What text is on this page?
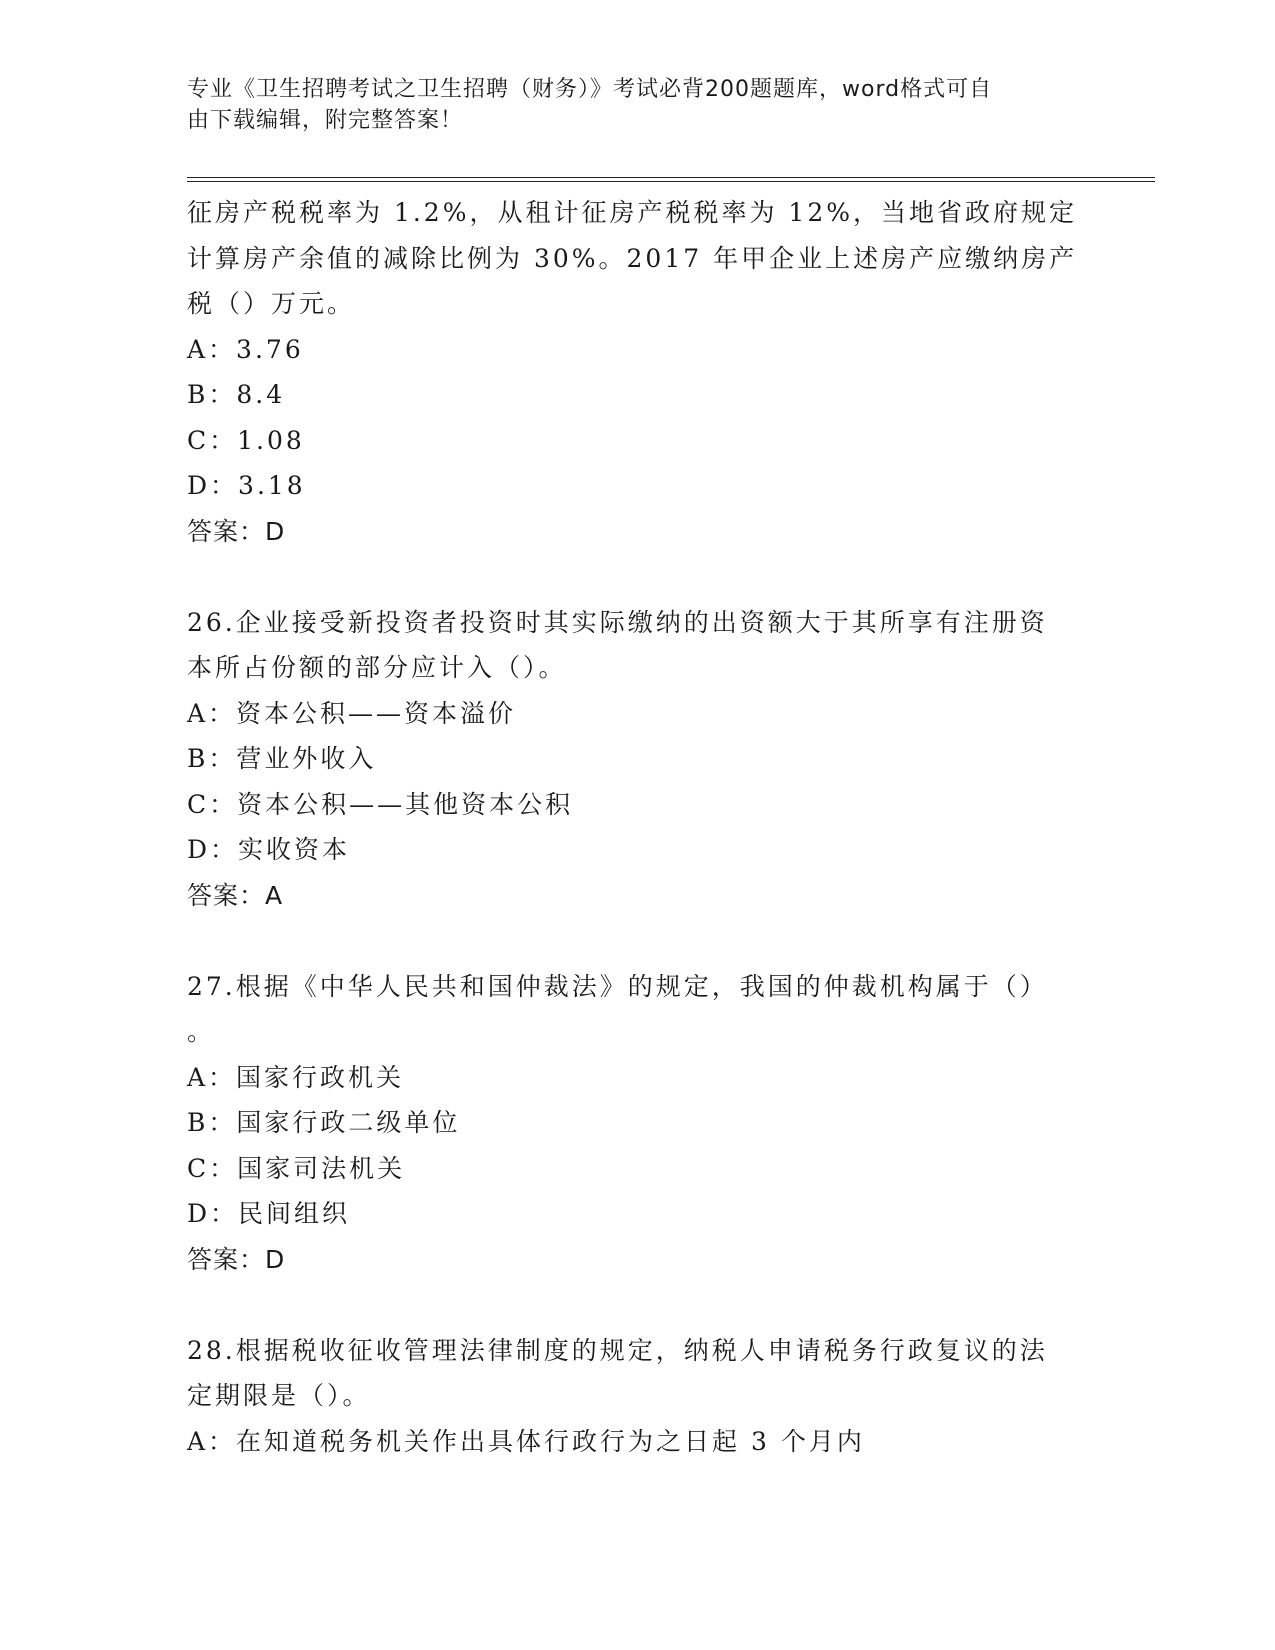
专业《卫生招聘考试之卫生招聘（财务）》考试必背200题题库，word格式可自
由下载编辑，附完整答案！
征房产税税率为 1.2%，从租计征房产税税率为 12%，当地省政府规定
计算房产余值的减除比例为 30%。2017 年甲企业上述房产应缴纳房产
税（）万元。
A：3.76
B：8.4
C：1.08
D：3.18
答案：D
26.企业接受新投资者投资时其实际缴纳的出资额大于其所享有注册资
本所占份额的部分应计入（）。
A：资本公积——资本溢价
B：营业外收入
C：资本公积——其他资本公积
D：实收资本
答案：A
27.根据《中华人民共和国仲裁法》的规定，我国的仲裁机构属于（）
。
A：国家行政机关
B：国家行政二级单位
C：国家司法机关
D：民间组织
答案：D
28.根据税收征收管理法律制度的规定，纳税人申请税务行政复议的法
定期限是（）。
A：在知道税务机关作出具体行政行为之日起 3 个月内
